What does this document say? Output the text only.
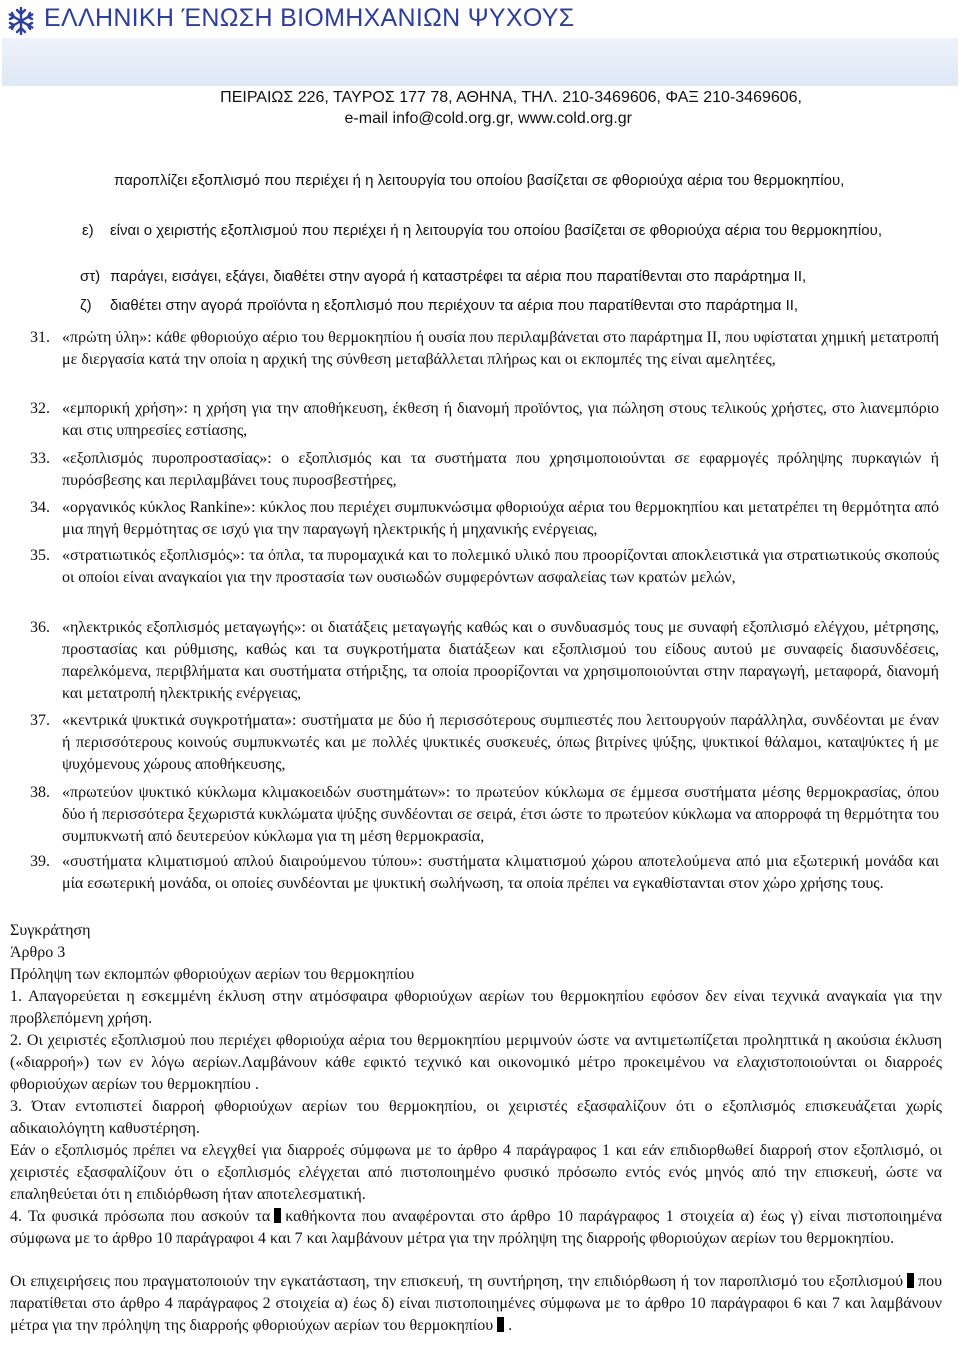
ΕΛΛΗΝΙΚΗ ΈΝΩΣΗ ΒΙΟΜΗΧΑΝΙΩΝ ΨΥΧΟΥΣ
ΠΕΙΡΑΙΩΣ 226, ΤΑΥΡΟΣ 177 78, ΑΘΗΝΑ, ΤΗΛ. 210-3469606, ΦΑΞ 210-3469606,
e-mail info@cold.org.gr, www.cold.org.gr
παροπλίζει εξοπλισμό που περιέχει ή η λειτουργία του οποίου βασίζεται σε φθοριούχα αέρια του θερμοκηπίου,
ε) είναι ο χειριστής εξοπλισμού που περιέχει ή η λειτουργία του οποίου βασίζεται σε φθοριούχα αέρια του θερμοκηπίου,
στ) παράγει, εισάγει, εξάγει, διαθέτει στην αγορά ή καταστρέφει τα αέρια που παρατίθενται στο παράρτημα II,
ζ) διαθέτει στην αγορά προϊόντα η εξοπλισμό που περιέχουν τα αέρια που παρατίθενται στο παράρτημα II,
31. «πρώτη ύλη»: κάθε φθοριούχο αέριο του θερμοκηπίου ή ουσία που περιλαμβάνεται στο παράρτημα II, που υφίσταται χημική μετατροπή με διεργασία κατά την οποία η αρχική της σύνθεση μεταβάλλεται πλήρως και οι εκπομπές της είναι αμελητέες,
32. «εμπορική χρήση»: η χρήση για την αποθήκευση, έκθεση ή διανομή προϊόντος, για πώληση στους τελικούς χρήστες, στο λιανεμπόριο και στις υπηρεσίες εστίασης,
33. «εξοπλισμός πυροπροστασίας»: ο εξοπλισμός και τα συστήματα που χρησιμοποιούνται σε εφαρμογές πρόληψης πυρκαγιών ή πυρόσβεσης και περιλαμβάνει τους πυροσβεστήρες,
34. «οργανικός κύκλος Rankine»: κύκλος που περιέχει συμπυκνώσιμα φθοριούχα αέρια του θερμοκηπίου και μετατρέπει τη θερμότητα από μια πηγή θερμότητας σε ισχύ για την παραγωγή ηλεκτρικής ή μηχανικής ενέργειας,
35. «στρατιωτικός εξοπλισμός»: τα όπλα, τα πυρομαχικά και το πολεμικό υλικό που προορίζονται αποκλειστικά για στρατιωτικούς σκοπούς οι οποίοι είναι αναγκαίοι για την προστασία των ουσιωδών συμφερόντων ασφαλείας των κρατών μελών,
36. «ηλεκτρικός εξοπλισμός μεταγωγής»: οι διατάξεις μεταγωγής καθώς και ο συνδυασμός τους με συναφή εξοπλισμό ελέγχου, μέτρησης, προστασίας και ρύθμισης, καθώς και τα συγκροτήματα διατάξεων και εξοπλισμού του είδους αυτού με συναφείς διασυνδέσεις, παρελκόμενα, περιβλήματα και συστήματα στήριξης, τα οποία προορίζονται να χρησιμοποιούνται στην παραγωγή, μεταφορά, διανομή και μετατροπή ηλεκτρικής ενέργειας,
37. «κεντρικά ψυκτικά συγκροτήματα»: συστήματα με δύο ή περισσότερους συμπιεστές που λειτουργούν παράλληλα, συνδέονται με έναν ή περισσότερους κοινούς συμπυκνωτές και με πολλές ψυκτικές συσκευές, όπως βιτρίνες ψύξης, ψυκτικοί θάλαμοι, καταψύκτες ή με ψυχόμενους χώρους αποθήκευσης,
38. «πρωτεύον ψυκτικό κύκλωμα κλιμακοειδών συστημάτων»: το πρωτεύον κύκλωμα σε έμμεσα συστήματα μέσης θερμοκρασίας, όπου δύο ή περισσότερα ξεχωριστά κυκλώματα ψύξης συνδέονται σε σειρά, έτσι ώστε το πρωτεύον κύκλωμα να απορροφά τη θερμότητα του συμπυκνωτή από δευτερεύον κύκλωμα για τη μέση θερμοκρασία,
39. «συστήματα κλιματισμού απλού διαιρούμενου τύπου»: συστήματα κλιματισμού χώρου αποτελούμενα από μια εξωτερική μονάδα και μία εσωτερική μονάδα, οι οποίες συνδέονται με ψυκτική σωλήνωση, τα οποία πρέπει να εγκαθίστανται στον χώρο χρήσης τους.
Συγκράτηση
Άρθρο 3
Πρόληψη των εκπομπών φθοριούχων αερίων του θερμοκηπίου
1. Απαγορεύεται η εσκεμμένη έκλυση στην ατμόσφαιρα φθοριούχων αερίων του θερμοκηπίου εφόσον δεν είναι τεχνικά αναγκαία για την προβλεπόμενη χρήση.
2. Οι χειριστές εξοπλισμού που περιέχει φθοριούχα αέρια του θερμοκηπίου μεριμνούν ώστε να αντιμετωπίζεται προληπτικά η ακούσια έκλυση («διαρροή») των εν λόγω αερίων.Λαμβάνουν κάθε εφικτό τεχνικό και οικονομικό μέτρο προκειμένου να ελαχιστοποιούνται οι διαρροές φθοριούχων αερίων του θερμοκηπίου .
3. Όταν εντοπιστεί διαρροή φθοριούχων αερίων του θερμοκηπίου, οι χειριστές εξασφαλίζουν ότι ο εξοπλισμός επισκευάζεται χωρίς αδικαιολόγητη καθυστέρηση.
Εάν ο εξοπλισμός πρέπει να ελεγχθεί για διαρροές σύμφωνα με το άρθρο 4 παράγραφος 1 και εάν επιδιορθωθεί διαρροή στον εξοπλισμό, οι χειριστές εξασφαλίζουν ότι ο εξοπλισμός ελέγχεται από πιστοποιημένο φυσικό πρόσωπο εντός ενός μηνός από την επισκευή, ώστε να επαληθεύεται ότι η επιδιόρθωση ήταν αποτελεσματική.
4. Τα φυσικά πρόσωπα που ασκούν τα καθήκοντα που αναφέρονται στο άρθρο 10 παράγραφος 1 στοιχεία α) έως γ) είναι πιστοποιημένα σύμφωνα με το άρθρο 10 παράγραφοι 4 και 7 και λαμβάνουν μέτρα για την πρόληψη της διαρροής φθοριούχων αερίων του θερμοκηπίου.
Οι επιχειρήσεις που πραγματοποιούν την εγκατάσταση, την επισκευή, τη συντήρηση, την επιδιόρθωση ή τον παροπλισμό του εξοπλισμού που παρατίθεται στο άρθρο 4 παράγραφος 2 στοιχεία α) έως δ) είναι πιστοποιημένες σύμφωνα με το άρθρο 10 παράγραφοι 6 και 7 και λαμβάνουν μέτρα για την πρόληψη της διαρροής φθοριούχων αερίων του θερμοκηπίου .
